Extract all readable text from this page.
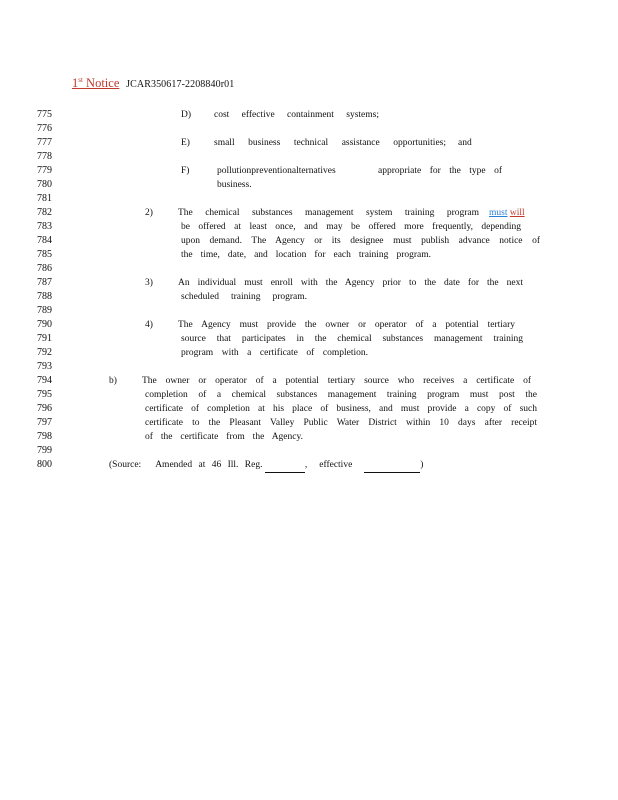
1st Notice JCAR350617-2208840r01
775
776
777
778
779
780
781
782
783
784
785
786
787
788
789
790
791
792
793
794
795
796
797
798
799
800
D) cost effective containment systems;
E)	small business technical assistance opportunities; and
F)	pollutionpreventionalternatives	appropriate for the type of
business.
2)	The chemical substances management system training program must will
be offered at least once, and may be offered more frequently, depending
upon demand. The Agency or its designee must publish advance notice of
the time, date, and location for each training program.
3)	An individual must enroll with the Agency prior to the date for the next
scheduled training program.
4)	The Agency must provide the owner or operator of a potential tertiary
source that participates in the chemical substances management training
program with a certificate of completion.
b)	The owner or operator of a potential tertiary source who receives a certificate of
completion of a chemical substances management training program must post the
certificate of completion at his place of business, and must provide a copy of such
certificate to the Pleasant Valley Public Water District within 10 days after receipt
of the certificate from the Agency.
(Source: Amended at 46 Ill. Reg.	, effective	)
